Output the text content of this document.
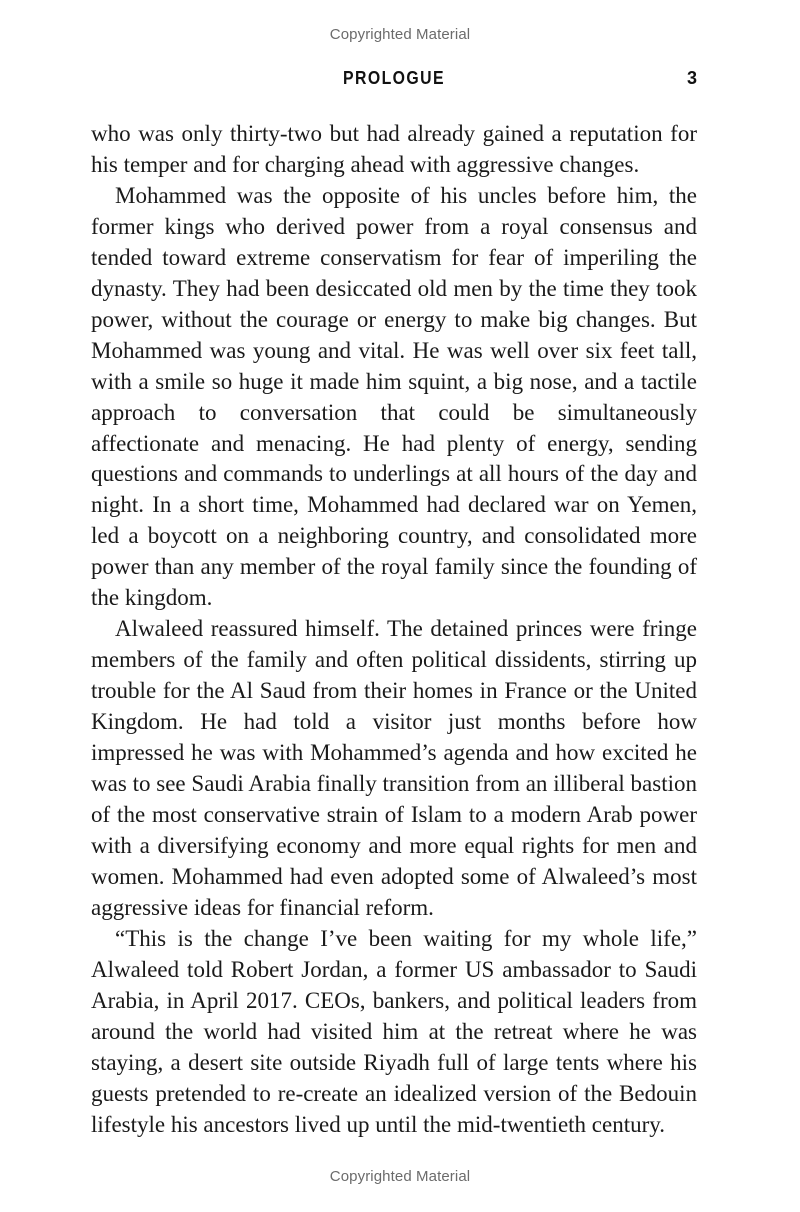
Copyrighted Material
PROLOGUE	3

who was only thirty-two but had already gained a reputation for his temper and for charging ahead with aggressive changes.

Mohammed was the opposite of his uncles before him, the former kings who derived power from a royal consensus and tended toward extreme conservatism for fear of imperiling the dynasty. They had been desiccated old men by the time they took power, without the courage or energy to make big changes. But Mohammed was young and vital. He was well over six feet tall, with a smile so huge it made him squint, a big nose, and a tactile approach to conversation that could be simultaneously affectionate and menacing. He had plenty of energy, sending questions and commands to underlings at all hours of the day and night. In a short time, Mohammed had declared war on Yemen, led a boycott on a neighboring country, and consolidated more power than any member of the royal family since the founding of the kingdom.

Alwaleed reassured himself. The detained princes were fringe members of the family and often political dissidents, stirring up trouble for the Al Saud from their homes in France or the United Kingdom. He had told a visitor just months before how impressed he was with Mohammed’s agenda and how excited he was to see Saudi Arabia finally transition from an illiberal bastion of the most conservative strain of Islam to a modern Arab power with a diversifying economy and more equal rights for men and women. Mohammed had even adopted some of Alwaleed’s most aggressive ideas for financial reform.

“This is the change I’ve been waiting for my whole life,” Alwaleed told Robert Jordan, a former US ambassador to Saudi Arabia, in April 2017. CEOs, bankers, and political leaders from around the world had visited him at the retreat where he was staying, a desert site outside Riyadh full of large tents where his guests pretended to re-create an idealized version of the Bedouin lifestyle his ancestors lived up until the mid-twentieth century.

Copyrighted Material
